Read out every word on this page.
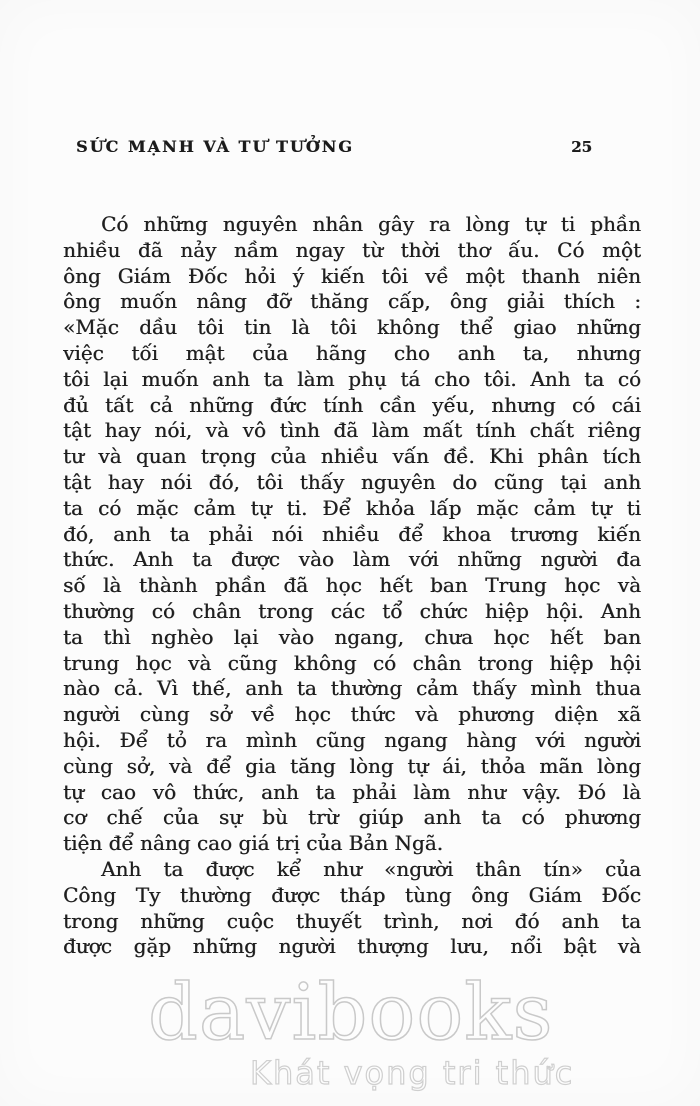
SỨC MẠNH VÀ TƯ TƯỞNG	25
Có những nguyên nhân gây ra lòng tự ti phần
nhiều đã nảy nầm ngay từ thời thơ ấu. Có một
ông Giám Đốc hỏi ý kiến tôi về một thanh niên
ông muốn nâng đỡ thăng cấp, ông giải thích :
«Mặc dầu tôi tin là tôi không thể giao những
việc tối mật của hãng cho anh ta, nhưng
tôi lại muốn anh ta làm phụ tá cho tôi. Anh ta có
đủ tất cả những đức tính cần yếu, nhưng có cái
tật hay nói, và vô tình đã làm mất tính chất riêng
tư và quan trọng của nhiều vấn đề. Khi phân tích
tật hay nói đó, tôi thấy nguyên do cũng tại anh
ta có mặc cảm tự ti. Để khỏa lấp mặc cảm tự ti
đó, anh ta phải nói nhiều để khoa trương kiến
thức. Anh ta được vào làm với những người đa
số là thành phần đã học hết ban Trung học và
thường có chân trong các tổ chức hiệp hội. Anh
ta thì nghèo lại vào ngang, chưa học hết ban
trung học và cũng không có chân trong hiệp hội
nào cả. Vì thế, anh ta thường cảm thấy mình thua
người cùng sở về học thức và phương diện xã
hội. Để tỏ ra mình cũng ngang hàng với người
cùng sở, và để gia tăng lòng tự ái, thỏa mãn lòng
tự cao vô thức, anh ta phải làm như vậy. Đó là
cơ chế của sự bù trừ giúp anh ta có phương
tiện để nâng cao giá trị của Bản Ngã.
Anh ta được kể như «người thân tín» của
Công Ty thường được tháp tùng ông Giám Đốc
trong những cuộc thuyết trình, nơi đó anh ta
được gặp những người thượng lưu, nổi bật và
davibooks
Khát vọng tri thức
